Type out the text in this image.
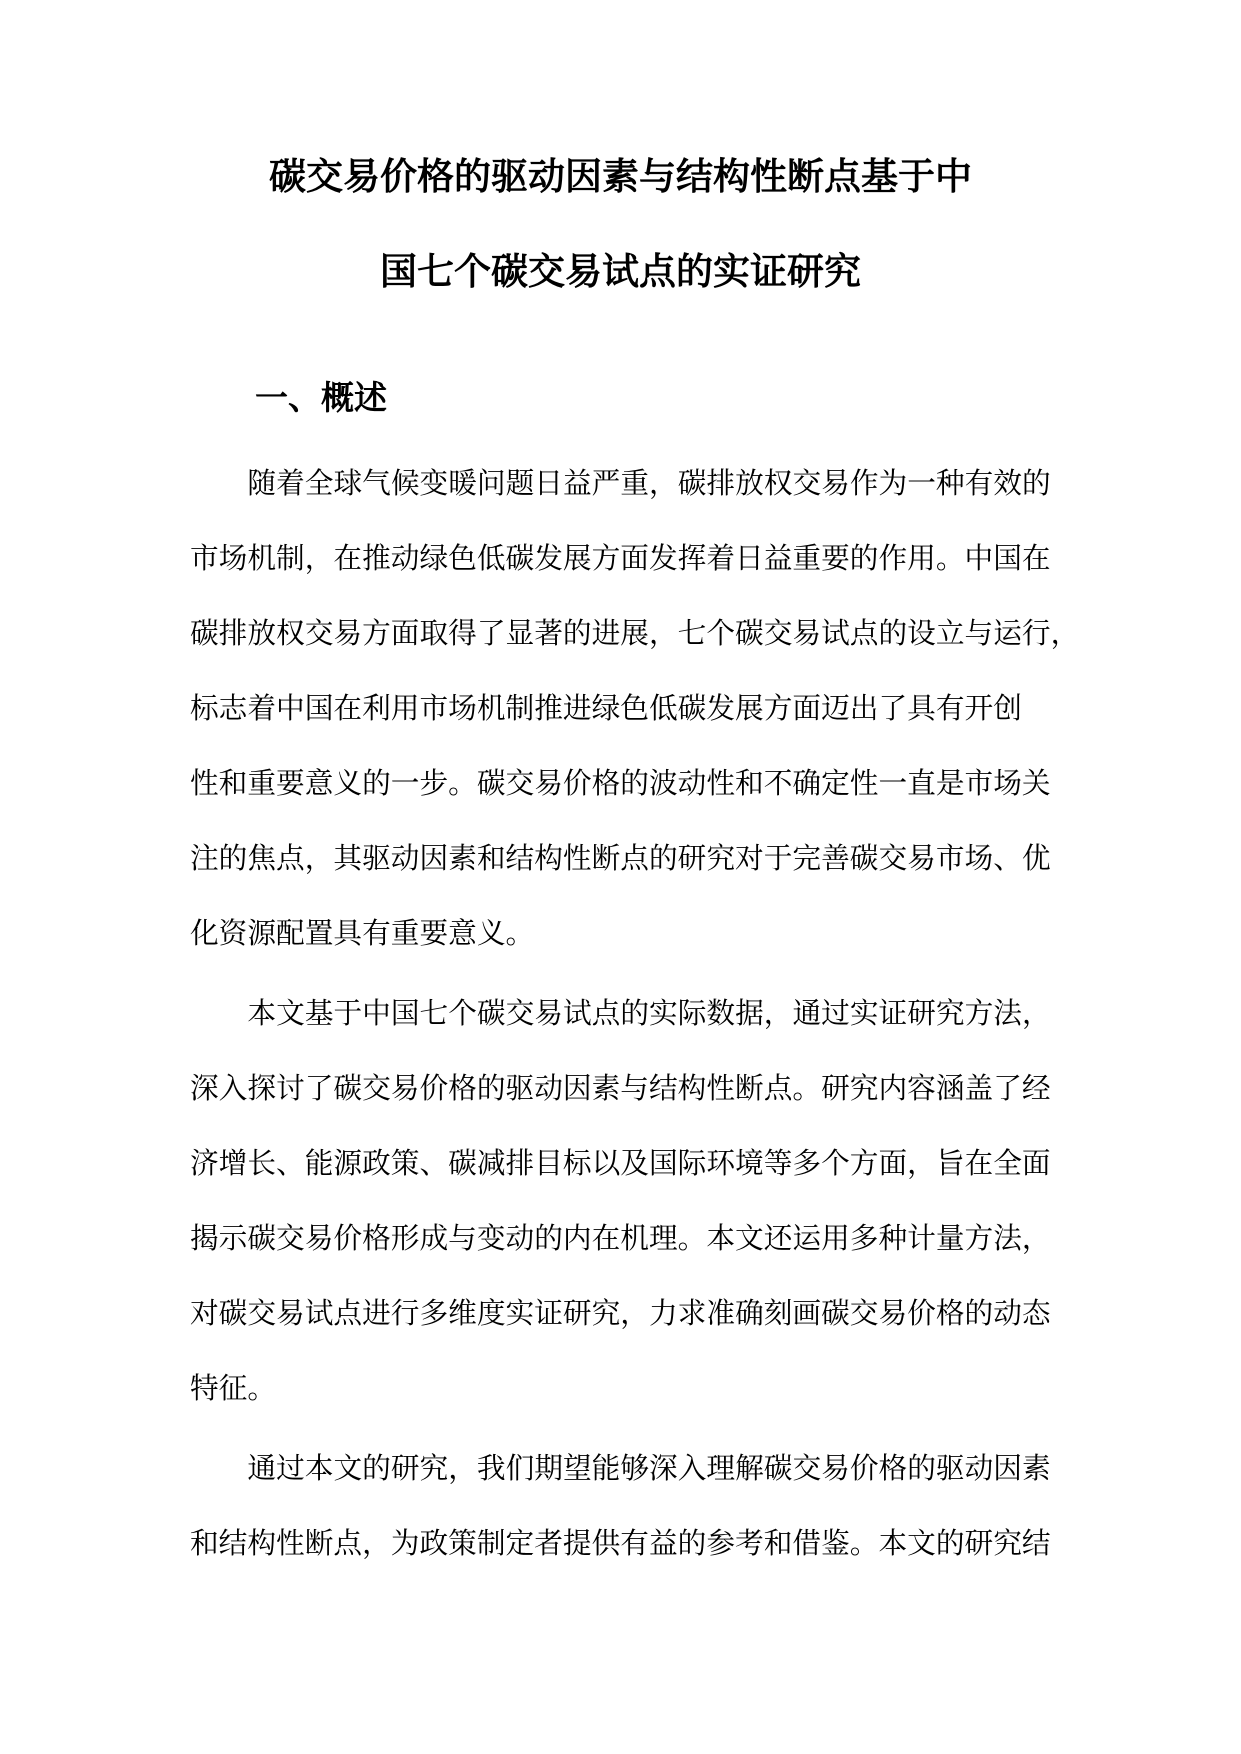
碳交易价格的驱动因素与结构性断点基于中
国七个碳交易试点的实证研究
一、概述

随着全球气候变暖问题日益严重，碳排放权交易作为一种有效的
市场机制，在推动绿色低碳发展方面发挥着日益重要的作用。中国在
碳排放权交易方面取得了显著的进展，七个碳交易试点的设立与运行，
标志着中国在利用市场机制推进绿色低碳发展方面迈出了具有开创
性和重要意义的一步。碳交易价格的波动性和不确定性一直是市场关
注的焦点，其驱动因素和结构性断点的研究对于完善碳交易市场、优
化资源配置具有重要意义。

本文基于中国七个碳交易试点的实际数据，通过实证研究方法，
深入探讨了碳交易价格的驱动因素与结构性断点。研究内容涵盖了经
济增长、能源政策、碳减排目标以及国际环境等多个方面，旨在全面
揭示碳交易价格形成与变动的内在机理。本文还运用多种计量方法，
对碳交易试点进行多维度实证研究，力求准确刻画碳交易价格的动态
特征。

通过本文的研究，我们期望能够深入理解碳交易价格的驱动因素
和结构性断点，为政策制定者提供有益的参考和借鉴。本文的研究结
